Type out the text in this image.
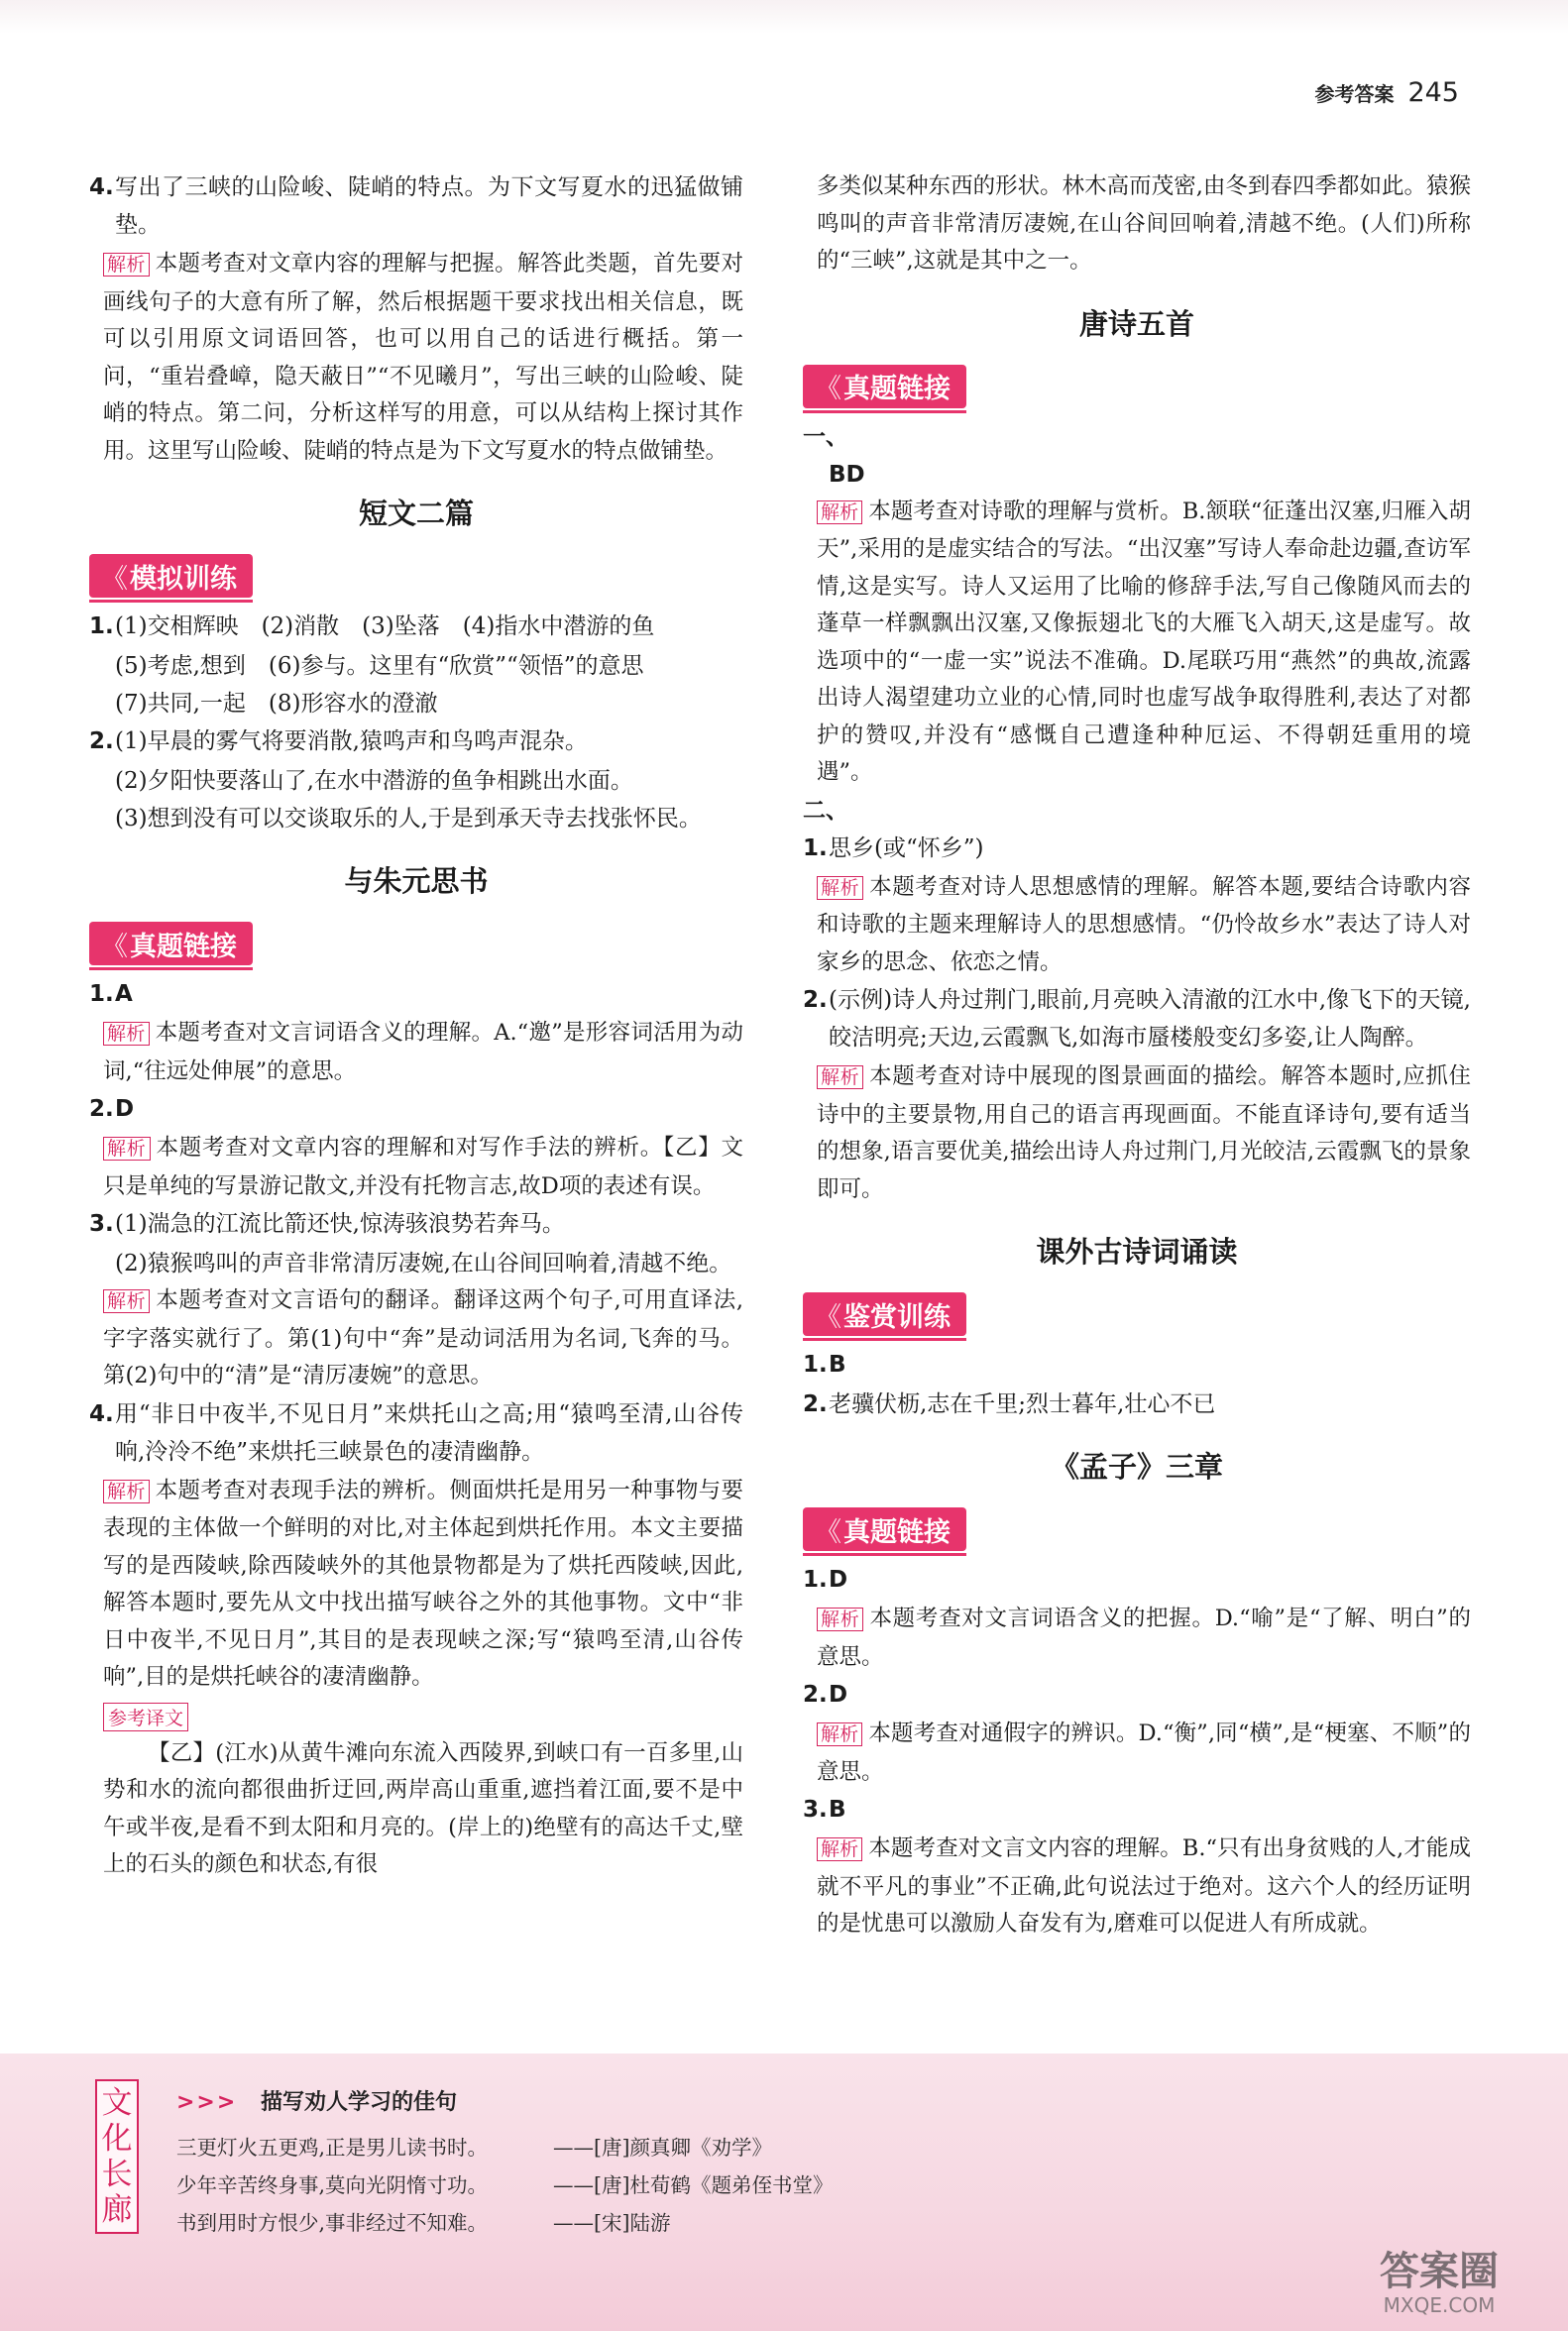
参考答案 245
4. 写出了三峡的山险峻、陡峭的特点。为下文写夏水的迅猛做铺垫。

解析 本题考查对文章内容的理解与把握。解答此类题，首先要对画线句子的大意有所了解，然后根据题干要求找出相关信息，既可以引用原文词语回答，也可以用自己的话进行概括。第一问，“重岩叠嶂，隐天蔽日”“不见曦月”，写出三峡的山险峻、陡峭的特点。第二问，分析这样写的用意，可以从结构上探讨其作用。这里写山险峻、陡峭的特点是为下文写夏水的特点做铺垫。

短文二篇
《 模拟训练
1. (1)交相辉映　(2)消散　(3)坠落　(4)指水中潜游的鱼

(5)考虑,想到　(6)参与。这里有“欣赏”“领悟”的意思

(7)共同,一起　(8)形容水的澄澈

2. (1)早晨的雾气将要消散,猿鸣声和鸟鸣声混杂。

(2)夕阳快要落山了,在水中潜游的鱼争相跳出水面。

(3)想到没有可以交谈取乐的人,于是到承天寺去找张怀民。

与朱元思书
《 真题链接
1. A

解析 本题考查对文言词语含义的理解。A.“邀”是形容词活用为动词,“往远处伸展”的意思。

2. D

解析 本题考查对文章内容的理解和对写作手法的辨析。【乙】文只是单纯的写景游记散文,并没有托物言志,故D项的表述有误。

3. (1)湍急的江流比箭还快,惊涛骇浪势若奔马。

(2)猿猴鸣叫的声音非常清厉凄婉,在山谷间回响着,清越不绝。

解析 本题考查对文言语句的翻译。翻译这两个句子,可用直译法,字字落实就行了。第(1)句中“奔”是动词活用为名词,飞奔的马。第(2)句中的“清”是“清厉凄婉”的意思。

4. 用“非日中夜半,不见日月”来烘托山之高;用“猿鸣至清,山谷传响,泠泠不绝”来烘托三峡景色的凄清幽静。

解析 本题考查对表现手法的辨析。侧面烘托是用另一种事物与要表现的主体做一个鲜明的对比,对主体起到烘托作用。本文主要描写的是西陵峡,除西陵峡外的其他景物都是为了烘托西陵峡,因此,解答本题时,要先从文中找出描写峡谷之外的其他事物。文中“非日中夜半,不见日月”,其目的是表现峡之深;写“猿鸣至清,山谷传响”,目的是烘托峡谷的凄清幽静。

参考译文

【乙】(江水)从黄牛滩向东流入西陵界,到峡口有一百多里,山势和水的流向都很曲折迂回,两岸高山重重,遮挡着江面,要不是中午或半夜,是看不到太阳和月亮的。(岸上的)绝壁有的高达千丈,壁上的石头的颜色和状态,有很

多类似某种东西的形状。林木高而茂密,由冬到春四季都如此。猿猴鸣叫的声音非常清厉凄婉,在山谷间回响着,清越不绝。(人们)所称的“三峡”,这就是其中之一。

唐诗五首
《 真题链接

一、

BD

解析 本题考查对诗歌的理解与赏析。B.颔联“征蓬出汉塞,归雁入胡天”,采用的是虚实结合的写法。“出汉塞”写诗人奉命赴边疆,查访军情,这是实写。诗人又运用了比喻的修辞手法,写自己像随风而去的蓬草一样飘飘出汉塞,又像振翅北飞的大雁飞入胡天,这是虚写。故选项中的“一虚一实”说法不准确。D.尾联巧用“燕然”的典故,流露出诗人渴望建功立业的心情,同时也虚写战争取得胜利,表达了对都护的赞叹,并没有“感慨自己遭逢种种厄运、不得朝廷重用的境遇”。

二、

1. 思乡(或“怀乡”)

解析 本题考查对诗人思想感情的理解。解答本题,要结合诗歌内容和诗歌的主题来理解诗人的思想感情。“仍怜故乡水”表达了诗人对家乡的思念、依恋之情。

2. (示例)诗人舟过荆门,眼前,月亮映入清澈的江水中,像飞下的天镜,皎洁明亮;天边,云霞飘飞,如海市蜃楼般变幻多姿,让人陶醉。

解析 本题考查对诗中展现的图景画面的描绘。解答本题时,应抓住诗中的主要景物,用自己的语言再现画面。不能直译诗句,要有适当的想象,语言要优美,描绘出诗人舟过荆门,月光皎洁,云霞飘飞的景象即可。

课外古诗词诵读
《 鉴赏训练
1. B
2. 老骥伏枥,志在千里;烈士暮年,壮心不已
《孟子》三章
《 真题链接
1. D

解析 本题考查对文言词语含义的把握。D.“喻”是“了解、明白”的意思。

2. D

解析 本题考查对通假字的辨识。D.“衡”,同“横”,是“梗塞、不顺”的意思。

3. B

解析 本题考查对文言文内容的理解。B.“只有出身贫贱的人,才能成就不平凡的事业”不正确,此句说法过于绝对。这六个人的经历证明的是忧患可以激励人奋发有为,磨难可以促进人有所成就。

文化长廊
>>> 描写劝人学习的佳句
三更灯火五更鸡,正是男儿读书时。	——[唐]颜真卿《劝学》
少年辛苦终身事,莫向光阴惰寸功。	——[唐]杜荀鹤《题弟侄书堂》
书到用时方恨少,事非经过不知难。	——[宋]陆游
答案圈
MXQE.COM
